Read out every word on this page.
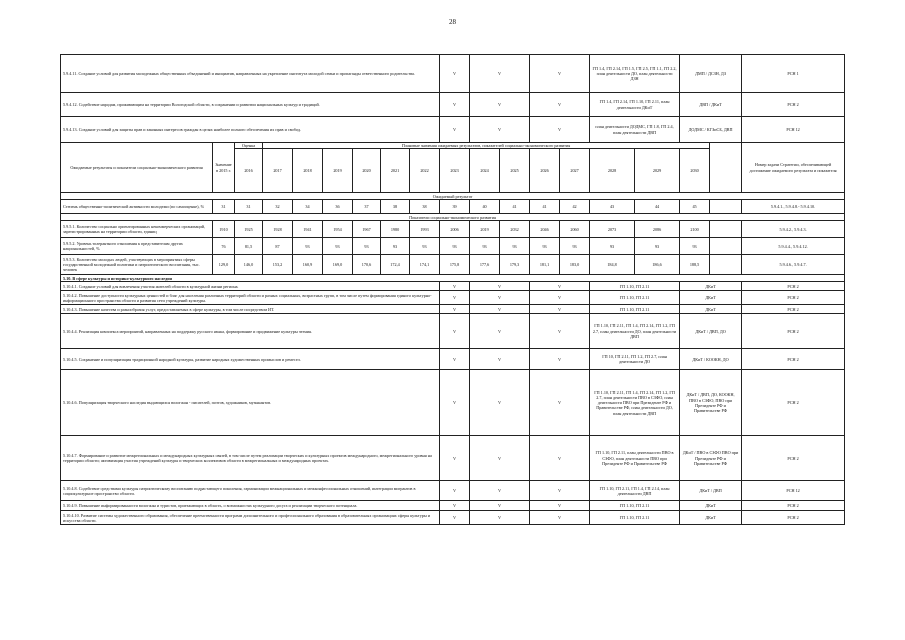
28
5.9.4.11. Создание условий для развития молодежных общественных объединений и инициатив, направленных на укрепление института молодой семьи и пропаганды ответственного родительства.									V	V		V		ГП 1.4, ГП 2.14, ГП 1.5, ГП 2.5, ГП 1.1, ГП 2.2, план деятельности ДО, план деятельности ДЗН		ДМП / ДСЗН, ДЗ		РСН 1
5.9.4.12. Содействие народам, проживающим на территории Вологодской области, в сохранении и развитии национальных культур и традиций.									V	V		V		ГП 1.4, ГП 2.14, ГП 1.10, ГП 2.11, план деятельности ДКиТ		ДВП / ДКиТ		РСН 2
5.9.4.13. Создание условий для защиты прав и законных интересов граждан в целях наиболее полного обеспечения их прав и свобод.									V	V		V		план деятельности ДОДМС, ГП 1.8, ГП 2.4, план деятельности ДВП		ДОДМС / КГЗиСБ, ДВП		РСН 12
Ожидаемые результаты и показатели социально-экономического развития	Значение в 2015 г.	Оценка	Плановые значения ожидаемых результатов, показателей социально-экономического развития															Номер задачи Стратегии, обеспечивающей достижение ожидаемого результата и показателя
		2016	2017	2018	2019	2020	2021	2022	2023	2024	2025	2026	2027	2028	2029	2030		
Ожидаемый результат																		
Степень общественно-политической активности молодежи (по самооценке), %	31	31	32	34	36	37	38	38	39	40	41	41	42	43	44	45		5.9.4.1., 5.9.4.8.- 5.9.4.10.
Показатели социально-экономического развития																		
5.9.5.1. Количество социально ориентированных некоммерческих организаций, зарегистрированных на территории области, единиц	1910	1925	1928	1941	1954	1967	1980	1993	2006	2019	2032	2046	2060	2073	2086	2100		5.9.4.2., 5.9.4.3.
5.9.5.2. Уровень толерантного отношения к представителям других национальностей, %	76	81,5	87	93	93	93	93	93	93	93	93	93	93	93	93	93		5.9.4.4., 5.9.4.12.
5.9.5.3. Количество молодых людей, участвующих в мероприятиях сферы государственной молодежной политики и патриотического воспитания, тыс. человек	129,0	146,0	153,2	160,9	169,0	170,6	172,4	174,1	175,8	177,6	179,3	181,1	183,0	184,8	186,6	188,5		5.9.4.6., 5.9.4.7.
5.10. В сфере культуры и историко-культурного наследия																		
5.10.4.1. Создание условий для вовлечения участия жителей области в культурной жизни региона.									V	V		V		ГП 1.10, ГП 2.11		ДКиТ		РСН 2
5.10.4.2. Повышение доступности культурных ценностей и благ для населения различных территорий области и разных социальных, возрастных групп, в том числе путем формирования единого культурно-информационного пространства области и развития сети учреждений культуры.									V	V		V		ГП 1.10, ГП 2.11		ДКиТ		РСН 2
5.10.4.3. Повышение качества и разнообразия услуг, предоставляемых в сфере культуры, в том числе посредством ИТ.									V	V		V		ГП 1.10, ГП 2.11		ДКиТ		РСН 2
5.10.4.4. Реализация комплекса мероприятий, направленных на поддержку русского языка, формирование и продвижение культуры чтения.									V	V		V		ГП 1.10, ГП 2.11, ГП 1.4, ГП 2.14, ГП 1.2, ГП 2.7, план деятельности ДО, план деятельности ДВП		ДКиТ / ДВП, ДО		РСН 2
5.10.4.5. Сохранение и популяризация традиционной народной культуры, развитие народных художественных промыслов и ремесел.									V	V		V		ГП 10, ГП 2.11, ГП 1.2, ГП 2.7, план деятельности ДО		ДКиТ / КООКН, ДО		РСН 2
5.10.4.6. Популяризация творческого наследия выдающихся вологжан - писателей, поэтов, художников, музыкантов.									V	V		V		ГП 1.10, ГП 2.11, ГП 1.4, ГП 2.14, ГП 1.2, ГП 2.7, план деятельности ПВО в СЗФО, план деятельности ПВО при Президенте РФ и Правительстве РФ, план деятельности ДО, план деятельности ДВП		ДКиТ / ДВП, ДО, КООКН, ПВО в СЗФО, ПВО при Президенте РФ и Правительстве РФ		РСН 2
5.10.4.7. Формирование и развитие межрегиональных и международных культурных связей, в том числе путем реализации творческих и культурных проектов международного, межрегионального уровня на территории области; активизация участия учреждений культуры и творческих коллективов области в межрегиональных и международных проектах.									V	V		V		ГП 1.10, ГП 2.11, план деятельности ПВО в СЗФО, план деятельности ПВО при Президенте РФ и Правительстве РФ		ДКиТ / ПВО в СЗФО ПВО при Президенте РФ и Правительстве РФ		РСН 2
5.10.4.8. Содействие средствами культуры патриотическому воспитанию подрастающего поколения, гармонизации межнациональных и межконфессиональных отношений, интеграции мигрантов в социокультурное пространство области.									V	V		V		ГП 1.10, ГП 2.11, ГП 1.4, ГП 2.14, план деятельности ДВП		ДКиТ / ДВП		РСН 12
5.10.4.9. Повышение информированности вологжан и туристов, приезжающих в область, о возможностях культурного досуга и реализации творческого потенциала.									V	V		V		ГП 1.10, ГП 2.11		ДКиТ		РСН 2
5.10.4.10. Развитие системы художественного образования, обеспечение преемственности программ дополнительного и профессионального образования в образовательных организациях сферы культуры и искусства области.									V	V		V		ГП 1.10, ГП 2.11		ДКиТ		РСН 2
